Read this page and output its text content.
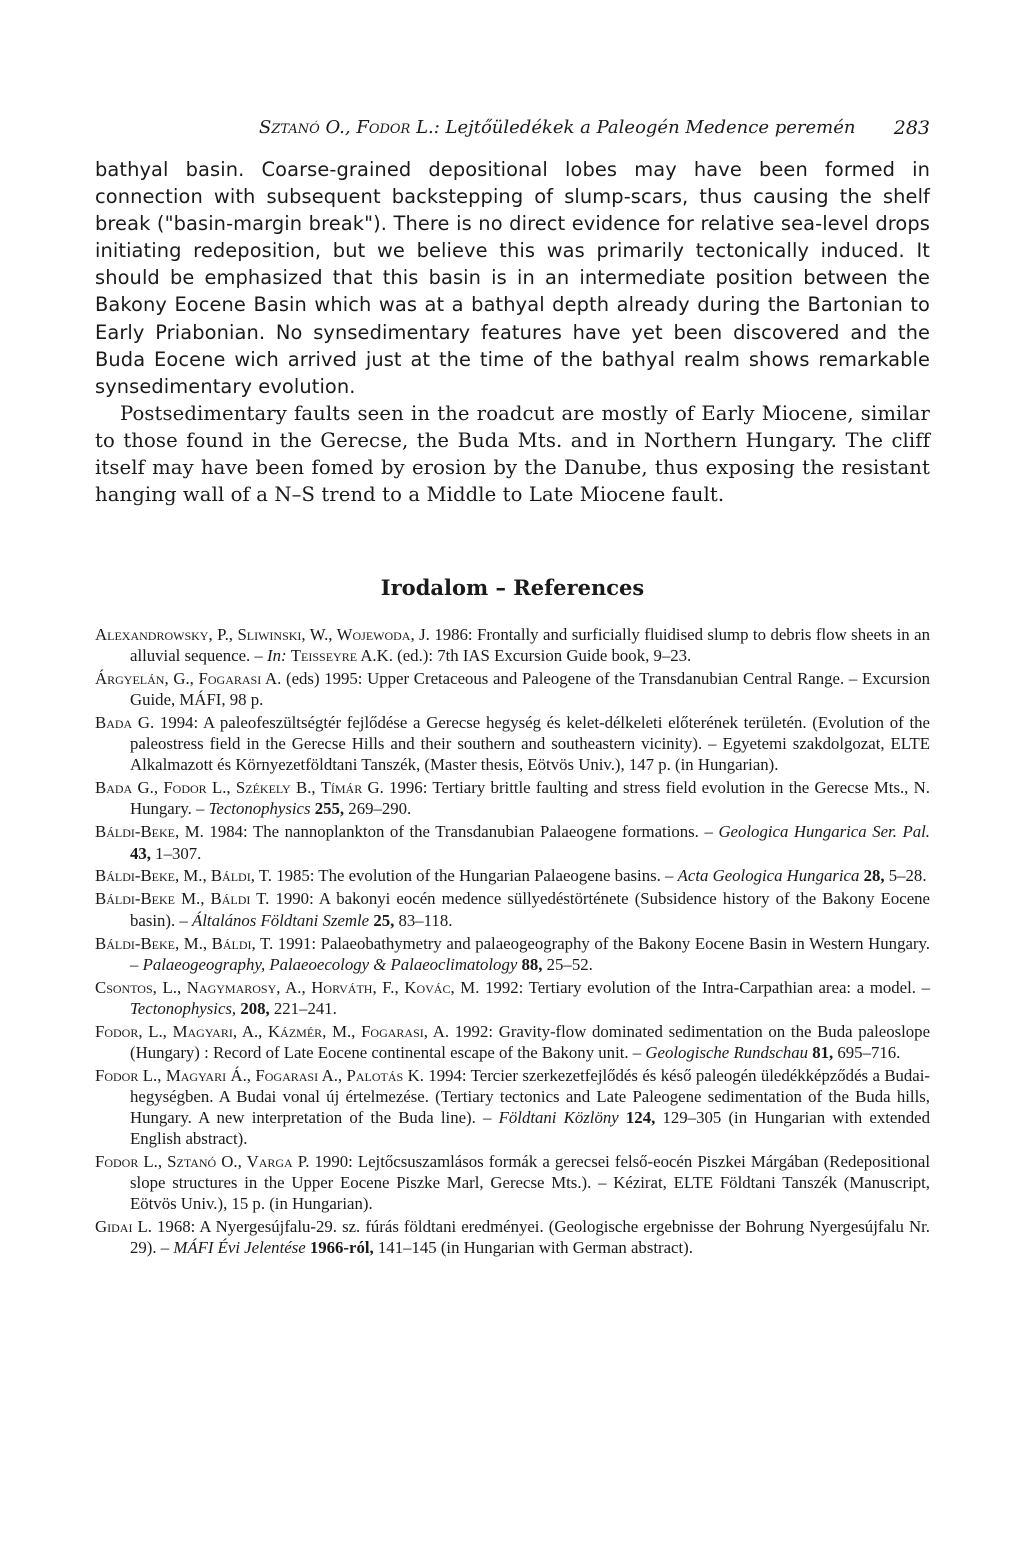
Sztanó O., Fodor L.: Lejtőüledékek a Paleogén Medence peremén 283

bathyal basin. Coarse-grained depositional lobes may have been formed in connection with subsequent backstepping of slump-scars, thus causing the shelf break ("basin-margin break"). There is no direct evidence for relative sea-level drops initiating redeposition, but we believe this was primarily tectonically induced. It should be emphasized that this basin is in an intermediate position between the Bakony Eocene Basin which was at a bathyal depth already during the Bartonian to Early Priabonian. No synsedimentary features have yet been discovered and the Buda Eocene wich arrived just at the time of the bathyal realm shows remarkable synsedimentary evolution.

Postsedimentary faults seen in the roadcut are mostly of Early Miocene, similar to those found in the Gerecse, the Buda Mts. and in Northern Hungary. The cliff itself may have been fomed by erosion by the Danube, thus exposing the resistant hanging wall of a N–S trend to a Middle to Late Miocene fault.

Irodalom – References

Alexandrowsky, P., Sliwinski, W., Wojewoda, J. 1986: Frontally and surficially fluidised slump to debris flow sheets in an alluvial sequence. – In: Teisseyre A.K. (ed.): 7th IAS Excursion Guide book, 9–23.

Árgyelán, G., Fogarasi A. (eds) 1995: Upper Cretaceous and Paleogene of the Transdanubian Central Range. – Excursion Guide, MÁFI, 98 p.

Bada G. 1994: A paleofeszültségtér fejlődése a Gerecse hegység és kelet-délkeleti előterének területén. (Evolution of the paleostress field in the Gerecse Hills and their southern and southeastern vicinity). – Egyetemi szakdolgozat, ELTE Alkalmazott és Környezetföldtani Tanszék, (Master thesis, Eötvös Univ.), 147 p. (in Hungarian).

Bada G., Fodor L., Székely B., Tímár G. 1996: Tertiary brittle faulting and stress field evolution in the Gerecse Mts., N. Hungary. – Tectonophysics 255, 269–290.

Báldi-Beke, M. 1984: The nannoplankton of the Transdanubian Palaeogene formations. – Geologica Hungarica Ser. Pal. 43, 1–307.

Báldi-Beke, M., Báldi, T. 1985: The evolution of the Hungarian Palaeogene basins. – Acta Geologica Hungarica 28, 5–28.

Báldi-Beke M., Báldi T. 1990: A bakonyi eocén medence süllyedéstörténete (Subsidence history of the Bakony Eocene basin). – Általános Földtani Szemle 25, 83–118.

Báldi-Beke, M., Báldi, T. 1991: Palaeobathymetry and palaeogeography of the Bakony Eocene Basin in Western Hungary. – Palaeogeography, Palaeoecology & Palaeoclimatology 88, 25–52.

Csontos, L., Nagymarosy, A., Horváth, F., Kovác, M. 1992: Tertiary evolution of the Intra-Carpathian area: a model. – Tectonophysics, 208, 221–241.

Fodor, L., Magyari, A., Kázmér, M., Fogarasi, A. 1992: Gravity-flow dominated sedimentation on the Buda paleoslope (Hungary) : Record of Late Eocene continental escape of the Bakony unit. – Geologische Rundschau 81, 695–716.

Fodor L., Magyari Á., Fogarasi A., Palotás K. 1994: Tercier szerkezetfejlődés és késő paleogén üledékképződés a Budai-hegységben. A Budai vonal új értelmezése. (Tertiary tectonics and Late Paleogene sedimentation of the Buda hills, Hungary. A new interpretation of the Buda line). – Földtani Közlöny 124, 129–305 (in Hungarian with extended English abstract).

Fodor L., Sztanó O., Varga P. 1990: Lejtőcsuszamlásos formák a gerecsei felső-eocén Piszkei Márgában (Redepositional slope structures in the Upper Eocene Piszke Marl, Gerecse Mts.). – Kézirat, ELTE Földtani Tanszék (Manuscript, Eötvös Univ.), 15 p. (in Hungarian).

Gidai L. 1968: A Nyergesújfalu-29. sz. fúrás földtani eredményei. (Geologische ergebnisse der Bohrung Nyergesújfalu Nr. 29). – MÁFI Évi Jelentése 1966-ról, 141–145 (in Hungarian with German abstract).
